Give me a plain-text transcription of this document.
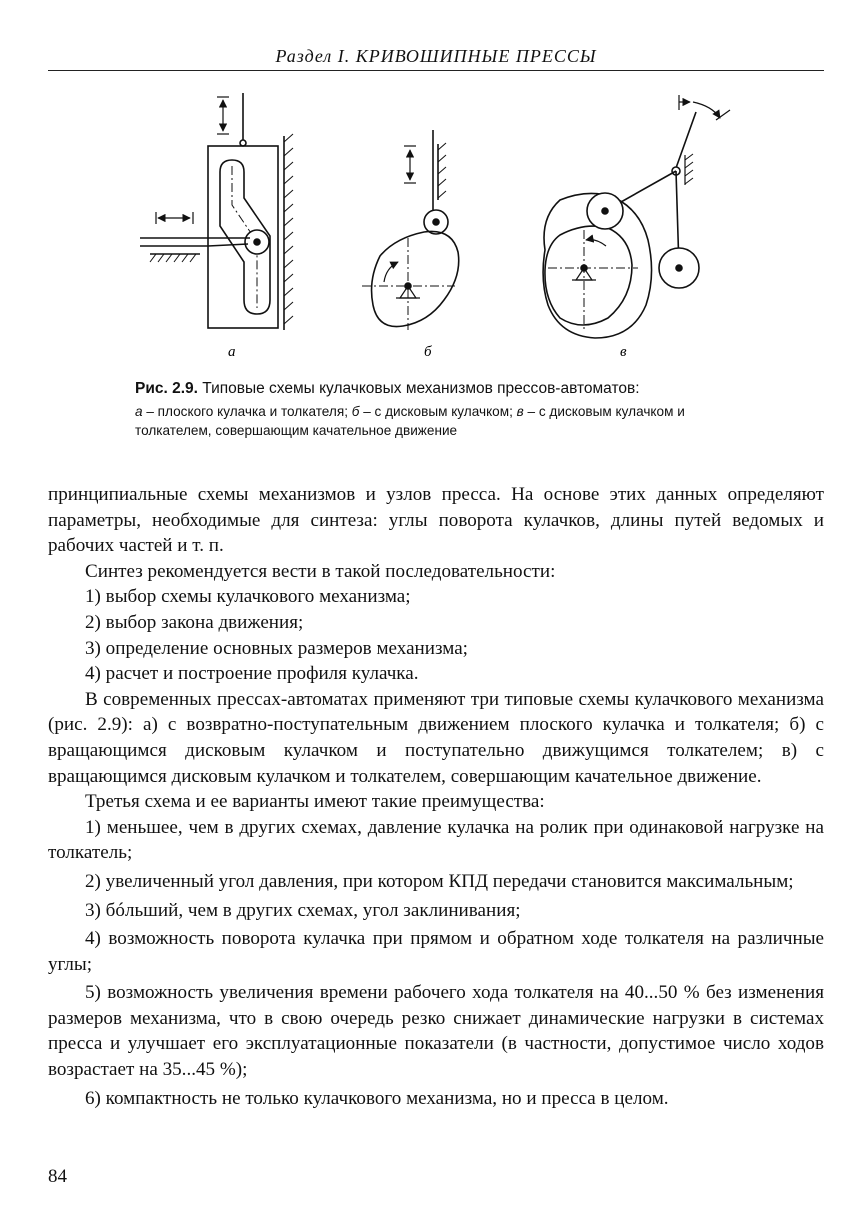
Раздел I. КРИВОШИПНЫЕ ПРЕССЫ
а	б	в
Рис. 2.9. Типовые схемы кулачковых механизмов прессов-автоматов:
а – плоского кулачка и толкателя; б – с дисковым кулачком; в – с дисковым кулачком и толкателем, совершающим качательное движение

принципиальные схемы механизмов и узлов пресса. На основе этих данных определяют параметры, необходимые для синтеза: углы поворота кулачков, длины путей ведомых и рабочих частей и т. п.

Синтез рекомендуется вести в такой последовательности:

1) выбор схемы кулачкового механизма;

2) выбор закона движения;

3) определение основных размеров механизма;

4) расчет и построение профиля кулачка.

В современных прессах-автоматах применяют три типовые схемы кулачкового механизма (рис. 2.9): а) с возвратно-поступательным движением плоского кулачка и толкателя; б) с вращающимся дисковым кулачком и поступательно движущимся толкателем; в) с вращающимся дисковым кулачком и толкателем, совершающим качательное движение.

Третья схема и ее варианты имеют такие преимущества:

1) меньшее, чем в других схемах, давление кулачка на ролик при одинаковой нагрузке на толкатель;

2) увеличенный угол давления, при котором КПД передачи становится максимальным;

3) бóльший, чем в других схемах, угол заклинивания;

4) возможность поворота кулачка при прямом и обратном ходе толкателя на различные углы;

5) возможность увеличения времени рабочего хода толкателя на 40...50 % без изменения размеров механизма, что в свою очередь резко снижает динамические нагрузки в системах пресса и улучшает его эксплуатационные показатели (в частности, допустимое число ходов возрастает на 35...45 %);

6) компактность не только кулачкового механизма, но и пресса в целом.

84
